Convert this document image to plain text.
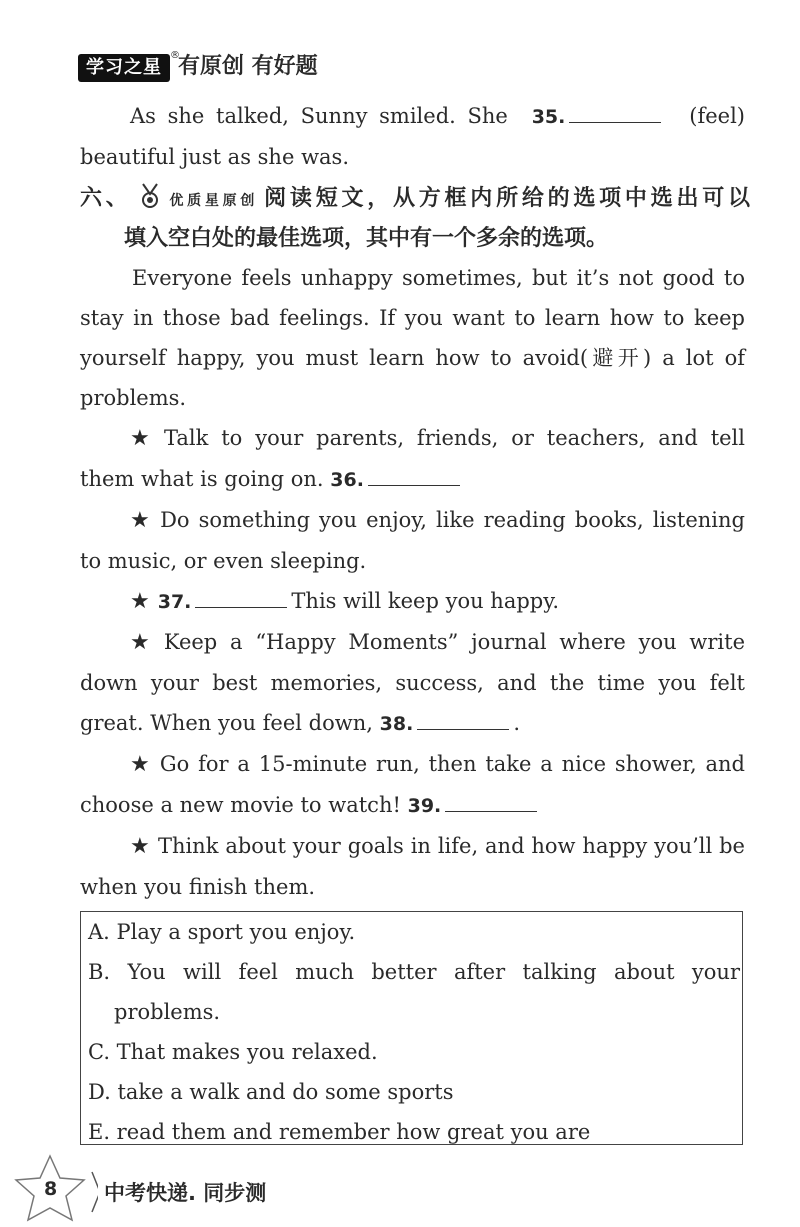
学习之星
®
有原创 有好题
As she talked, Sunny smiled. She 35.	(feel)
beautiful just as she was.
六、 优质星原创 阅读短文，从方框内所给的选项中选出可以
填入空白处的最佳选项，其中有一个多余的选项。
Everyone feels unhappy sometimes, but it’s not good to
stay in those bad feelings. If you want to learn how to keep
yourself happy, you must learn how to avoid(避开) a lot of
problems.
★ Talk to your parents, friends, or teachers, and tell
them what is going on. 36.
★ Do something you enjoy, like reading books, listening
to music, or even sleeping.
★ 37.	This will keep you happy.
★ Keep a “Happy Moments” journal where you write
down your best memories, success, and the time you felt
great. When you feel down, 38.	.
★ Go for a 15-minute run, then take a nice shower, and
choose a new movie to watch! 39.
★ Think about your goals in life, and how happy you’ll be
when you finish them.
A. Play a sport you enjoy.
B. You will feel much better after talking about your
problems.
C. That makes you relaxed.
D. take a walk and do some sports
E. read them and remember how great you are
8 中考快递. 同步测
